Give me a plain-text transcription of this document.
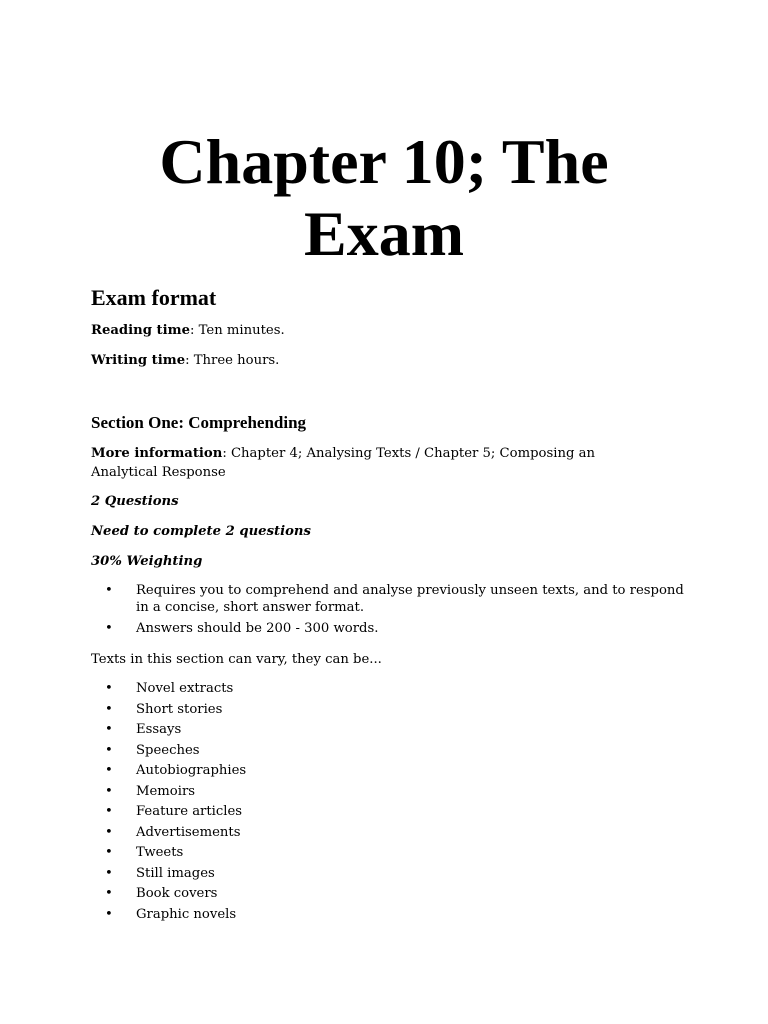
Chapter 10; The
Exam
Exam format

Reading time: Ten minutes.

Writing time: Three hours.

Section One: Comprehending

More information: Chapter 4; Analysing Texts / Chapter 5; Composing an Analytical Response

2 Questions

Need to complete 2 questions

30% Weighting

• Requires you to comprehend and analyse previously unseen texts, and to respond in a concise, short answer format.
• Answers should be 200 - 300 words.

Texts in this section can vary, they can be...

• Novel extracts
• Short stories
• Essays
• Speeches
• Autobiographies
• Memoirs
• Feature articles
• Advertisements
• Tweets
• Still images
• Book covers
• Graphic novels
